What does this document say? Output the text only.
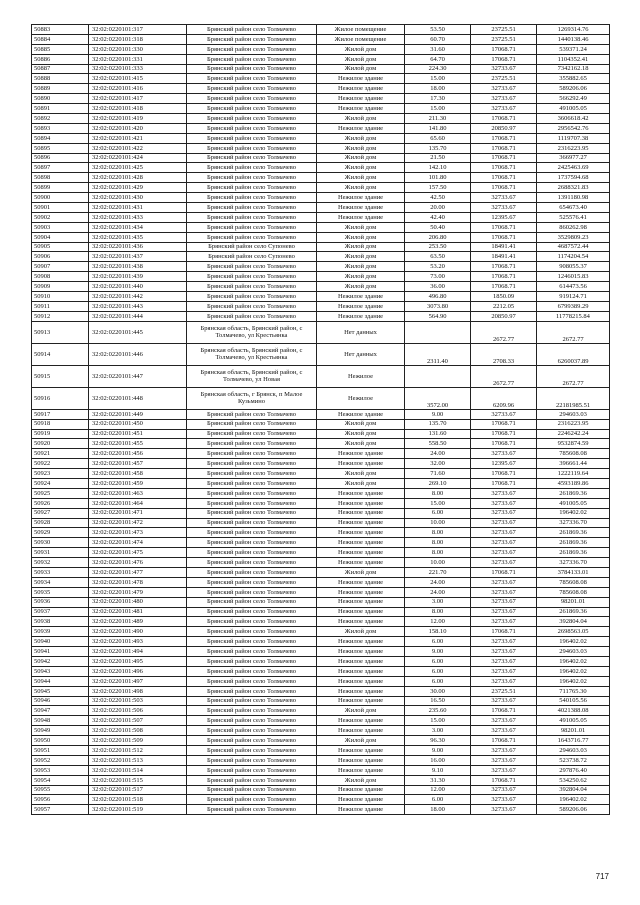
50883	32:02:0220101:317	Брянский район село Толмачево	Жилое помещение	53.50	23725.51	1269314.76
50884	32:02:0220101:318	Брянский район село Толмачево	Жилое помещение	60.70	23725.51	1440138.46
50885	32:02:0220101:330	Брянский район село Толмачево	Жилой дом	31.60	17068.71	539371.24
50886	32:02:0220101:331	Брянский район село Толмачево	Жилой дом	64.70	17068.71	1104352.41
50887	32:02:0220101:333	Брянский район село Толмачево	Жилой дом	224.30	32733.67	7342162.18
50888	32:02:0220101:415	Брянский район село Толмачево	Нежилое здание	15.00	23725.51	355882.65
50889	32:02:0220101:416	Брянский район село Толмачево	Нежилое здание	18.00	32733.67	589206.06
50890	32:02:0220101:417	Брянский район село Толмачево	Нежилое здание	17.30	32733.67	566292.49
50891	32:02:0220101:418	Брянский район село Толмачево	Нежилое здание	15.00	32733.67	491005.05
50892	32:02:0220101:419	Брянский район село Толмачево	Жилой дом	211.30	17068.71	3606618.42
50893	32:02:0220101:420	Брянский район село Толмачево	Нежилое здание	141.80	20850.97	2956542.76
50894	32:02:0220101:421	Брянский район село Толмачево	Жилой дом	65.60	17068.71	1119707.38
50895	32:02:0220101:422	Брянский район село Толмачево	Жилой дом	135.70	17068.71	2316223.95
50896	32:02:0220101:424	Брянский район село Толмачево	Жилой дом	21.50	17068.71	366977.27
50897	32:02:0220101:425	Брянский район село Толмачево	Жилой дом	142.10	17068.71	2425463.69
50898	32:02:0220101:428	Брянский район село Толмачево	Жилой дом	101.80	17068.71	1737594.68
50899	32:02:0220101:429	Брянский район село Толмачево	Жилой дом	157.50	17068.71	2688321.83
50900	32:02:0220101:430	Брянский район село Толмачево	Нежилое здание	42.50	32733.67	1391180.98
50901	32:02:0220101:431	Брянский район село Толмачево	Нежилое здание	20.00	32733.67	654673.40
50902	32:02:0220101:433	Брянский район село Толмачево	Нежилое здание	42.40	12395.67	525576.41
50903	32:02:0220101:434	Брянский район село Толмачево	Жилой дом	50.40	17068.71	860262.98
50904	32:02:0220101:435	Брянский район село Толмачево	Жилой дом	206.80	17068.71	3529809.23
50905	32:02:0220101:436	Брянский район село Супонево	Жилой дом	253.50	18491.41	4687572.44
50906	32:02:0220101:437	Брянский район село Супонево	Жилой дом	63.50	18491.41	1174204.54
50907	32:02:0220101:438	Брянский район село Толмачево	Жилой дом	53.20	17068.71	908055.37
50908	32:02:0220101:439	Брянский район село Толмачево	Жилой дом	73.00	17068.71	1246015.83
50909	32:02:0220101:440	Брянский район село Толмачево	Жилой дом	36.00	17068.71	614473.56
50910	32:02:0220101:442	Брянский район село Толмачево	Нежилое здание	496.80	1850.09	919124.71
50911	32:02:0220101:443	Брянский район село Толмачево	Нежилое здание	3073.80	2212.05	6799389.29
50912	32:02:0220101:444	Брянский район село Толмачево	Нежилое здание	564.90	20850.97	11778215.84
50913	32:02:0220101:445	Брянская область, Брянский район, с Толмачево, ул Крестьянка	Нет данных		2672.77	2672.77
50914	32:02:0220101:446	Брянская область, Брянский район, с Толмачево, ул Крестьянка	Нет данных	2311.40	2708.33	6260037.89
50915	32:02:0220101:447	Брянская область, Брянский район, с Толмачево, ул Новая	Нежилое		2672.77	2672.77
50916	32:02:0220101:448	Брянская область, г Брянск, п Малое Кузьмино	Нежилое	3572.00	6209.96	22181985.51
50917	32:02:0220101:449	Брянский район село Толмачево	Нежилое здание	9.00	32733.67	294603.03
50918	32:02:0220101:450	Брянский район село Толмачево	Жилой дом	135.70	17068.71	2316223.95
50919	32:02:0220101:451	Брянский район село Толмачево	Жилой дом	131.60	17068.71	2246242.24
50920	32:02:0220101:455	Брянский район село Толмачево	Жилой дом	558.50	17068.71	9532874.59
50921	32:02:0220101:456	Брянский район село Толмачево	Нежилое здание	24.00	32733.67	785608.08
50922	32:02:0220101:457	Брянский район село Толмачево	Нежилое здание	32.00	12395.67	396661.44
50923	32:02:0220101:458	Брянский район село Толмачево	Жилой дом	71.60	17068.71	1222119.64
50924	32:02:0220101:459	Брянский район село Толмачево	Жилой дом	269.10	17068.71	4593189.86
50925	32:02:0220101:463	Брянский район село Толмачево	Нежилое здание	8.00	32733.67	261869.36
50926	32:02:0220101:464	Брянский район село Толмачево	Нежилое здание	15.00	32733.67	491005.05
50927	32:02:0220101:471	Брянский район село Толмачево	Нежилое здание	6.00	32733.67	196402.02
50928	32:02:0220101:472	Брянский район село Толмачево	Нежилое здание	10.00	32733.67	327336.70
50929	32:02:0220101:473	Брянский район село Толмачево	Нежилое здание	8.00	32733.67	261869.36
50930	32:02:0220101:474	Брянский район село Толмачево	Нежилое здание	8.00	32733.67	261869.36
50931	32:02:0220101:475	Брянский район село Толмачево	Нежилое здание	8.00	32733.67	261869.36
50932	32:02:0220101:476	Брянский район село Толмачево	Нежилое здание	10.00	32733.67	327336.70
50933	32:02:0220101:477	Брянский район село Толмачево	Жилой дом	221.70	17068.71	3784133.01
50934	32:02:0220101:478	Брянский район село Толмачево	Нежилое здание	24.00	32733.67	785608.08
50935	32:02:0220101:479	Брянский район село Толмачево	Нежилое здание	24.00	32733.67	785608.08
50936	32:02:0220101:480	Брянский район село Толмачево	Нежилое здание	3.00	32733.67	98201.01
50937	32:02:0220101:481	Брянский район село Толмачево	Нежилое здание	8.00	32733.67	261869.36
50938	32:02:0220101:489	Брянский район село Толмачево	Нежилое здание	12.00	32733.67	392804.04
50939	32:02:0220101:490	Брянский район село Толмачево	Жилой дом	158.10	17068.71	2698563.05
50940	32:02:0220101:493	Брянский район село Толмачево	Нежилое здание	6.00	32733.67	196402.02
50941	32:02:0220101:494	Брянский район село Толмачево	Нежилое здание	9.00	32733.67	294603.03
50942	32:02:0220101:495	Брянский район село Толмачево	Нежилое здание	6.00	32733.67	196402.02
50943	32:02:0220101:496	Брянский район село Толмачево	Нежилое здание	6.00	32733.67	196402.02
50944	32:02:0220101:497	Брянский район село Толмачево	Нежилое здание	6.00	32733.67	196402.02
50945	32:02:0220101:498	Брянский район село Толмачево	Нежилое здание	30.00	23725.51	711765.30
50946	32:02:0220101:503	Брянский район село Толмачево	Нежилое здание	16.50	32733.67	540105.56
50947	32:02:0220101:506	Брянский район село Толмачево	Жилой дом	235.60	17068.71	4021388.08
50948	32:02:0220101:507	Брянский район село Толмачево	Нежилое здание	15.00	32733.67	491005.05
50949	32:02:0220101:508	Брянский район село Толмачево	Нежилое здание	3.00	32733.67	98201.01
50950	32:02:0220101:509	Брянский район село Толмачево	Жилой дом	96.30	17068.71	1643716.77
50951	32:02:0220101:512	Брянский район село Толмачево	Нежилое здание	9.00	32733.67	294603.03
50952	32:02:0220101:513	Брянский район село Толмачево	Нежилое здание	16.00	32733.67	523738.72
50953	32:02:0220101:514	Брянский район село Толмачево	Нежилое здание	9.10	32733.67	297876.40
50954	32:02:0220101:515	Брянский район село Толмачево	Жилой дом	31.30	17068.71	534250.62
50955	32:02:0220101:517	Брянский район село Толмачево	Нежилое здание	12.00	32733.67	392804.04
50956	32:02:0220101:518	Брянский район село Толмачево	Нежилое здание	6.00	32733.67	196402.02
50957	32:02:0220101:519	Брянский район село Толмачево	Нежилое здание	18.00	32733.67	589206.06
717
